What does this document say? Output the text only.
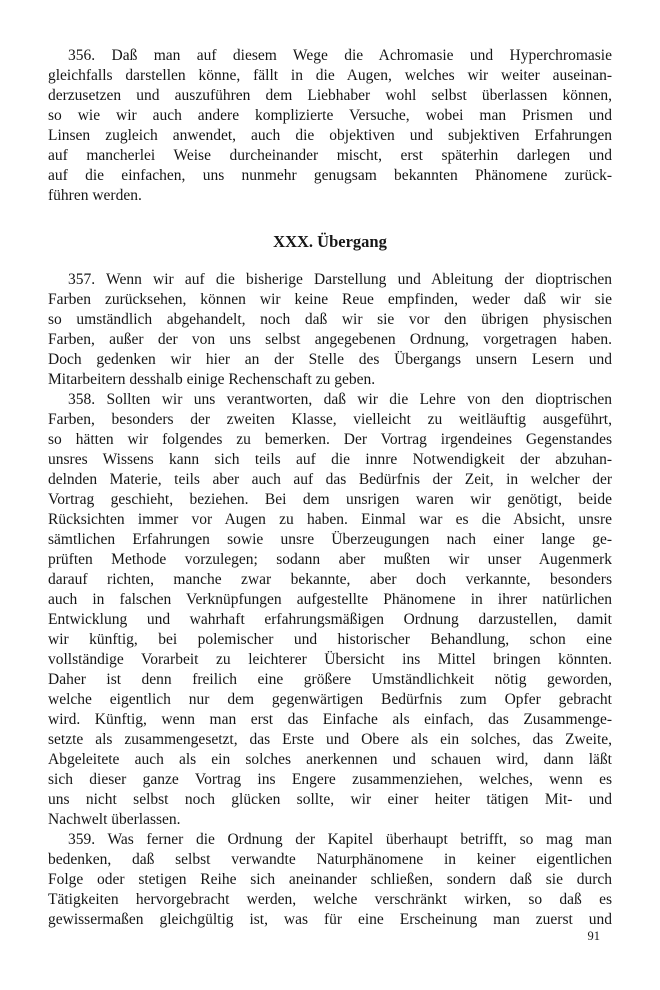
356. Daß man auf diesem Wege die Achromasie und Hyperchromasie
gleichfalls darstellen könne, fällt in die Augen, welches wir weiter auseinan-
derzusetzen und auszuführen dem Liebhaber wohl selbst überlassen können,
so wie wir auch andere komplizierte Versuche, wobei man Prismen und
Linsen zugleich anwendet, auch die objektiven und subjektiven Erfahrungen
auf mancherlei Weise durcheinander mischt, erst späterhin darlegen und
auf die einfachen, uns nunmehr genugsam bekannten Phänomene zurück-
führen werden.

XXX. Übergang

357. Wenn wir auf die bisherige Darstellung und Ableitung der dioptrischen
Farben zurücksehen, können wir keine Reue empfinden, weder daß wir sie
so umständlich abgehandelt, noch daß wir sie vor den übrigen physischen
Farben, außer der von uns selbst angegebenen Ordnung, vorgetragen haben.
Doch gedenken wir hier an der Stelle des Übergangs unsern Lesern und
Mitarbeitern desshalb einige Rechenschaft zu geben.

358. Sollten wir uns verantworten, daß wir die Lehre von den dioptrischen
Farben, besonders der zweiten Klasse, vielleicht zu weitläuftig ausgeführt,
so hätten wir folgendes zu bemerken. Der Vortrag irgendeines Gegenstandes
unsres Wissens kann sich teils auf die innre Notwendigkeit der abzuhan-
delnden Materie, teils aber auch auf das Bedürfnis der Zeit, in welcher der
Vortrag geschieht, beziehen. Bei dem unsrigen waren wir genötigt, beide
Rücksichten immer vor Augen zu haben. Einmal war es die Absicht, unsre
sämtlichen Erfahrungen sowie unsre Überzeugungen nach einer lange ge-
prüften Methode vorzulegen; sodann aber mußten wir unser Augenmerk
darauf richten, manche zwar bekannte, aber doch verkannte, besonders
auch in falschen Verknüpfungen aufgestellte Phänomene in ihrer natürlichen
Entwicklung und wahrhaft erfahrungsmäßigen Ordnung darzustellen, damit
wir künftig, bei polemischer und historischer Behandlung, schon eine
vollständige Vorarbeit zu leichterer Übersicht ins Mittel bringen könnten.
Daher ist denn freilich eine größere Umständlichkeit nötig geworden,
welche eigentlich nur dem gegenwärtigen Bedürfnis zum Opfer gebracht
wird. Künftig, wenn man erst das Einfache als einfach, das Zusammenge-
setzte als zusammengesetzt, das Erste und Obere als ein solches, das Zweite,
Abgeleitete auch als ein solches anerkennen und schauen wird, dann läßt
sich dieser ganze Vortrag ins Engere zusammenziehen, welches, wenn es
uns nicht selbst noch glücken sollte, wir einer heiter tätigen Mit- und
Nachwelt überlassen.

359. Was ferner die Ordnung der Kapitel überhaupt betrifft, so mag man
bedenken, daß selbst verwandte Naturphänomene in keiner eigentlichen
Folge oder stetigen Reihe sich aneinander schließen, sondern daß sie durch
Tätigkeiten hervorgebracht werden, welche verschränkt wirken, so daß es
gewissermaßen gleichgültig ist, was für eine Erscheinung man zuerst und

91
